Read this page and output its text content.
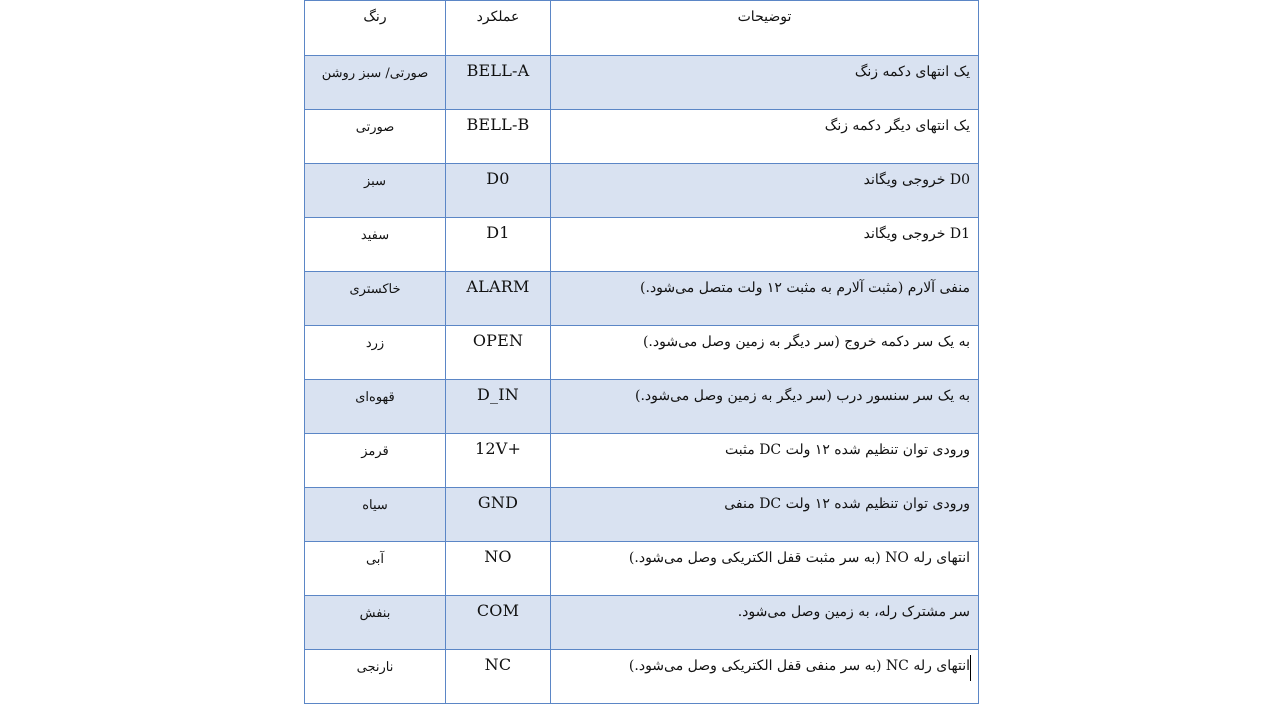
رنگ	عملکرد	توضیحات

صورتی/ سبز روشن	BELL-A	یک انتهای دکمه زنگ

صورتی	BELL-B	یک انتهای دیگر دکمه زنگ

سبز	D0	D0 خروجی ویگاند

سفید	D1	D1 خروجی ویگاند

خاکستری	ALARM	منفی آلارم (مثبت آلارم به مثبت ۱۲ ولت متصل می‌شود.)

زرد	OPEN	به یک سر دکمه خروج (سر دیگر به زمین وصل می‌شود.)

قهوه‌ای	D_IN	به یک سر سنسور درب (سر دیگر به زمین وصل می‌شود.)

قرمز	12V+	ورودی توان تنظیم شده ۱۲ ولت DC مثبت

سیاه	GND	ورودی توان تنظیم شده ۱۲ ولت DC منفی

آبی	NO	انتهای رله NO (به سر مثبت قفل الکتریکی وصل می‌شود.)

بنفش	COM	سر مشترک رله، به زمین وصل می‌شود.

نارنجی	NC	انتهای رله NC (به سر منفی قفل الکتریکی وصل می‌شود.)
